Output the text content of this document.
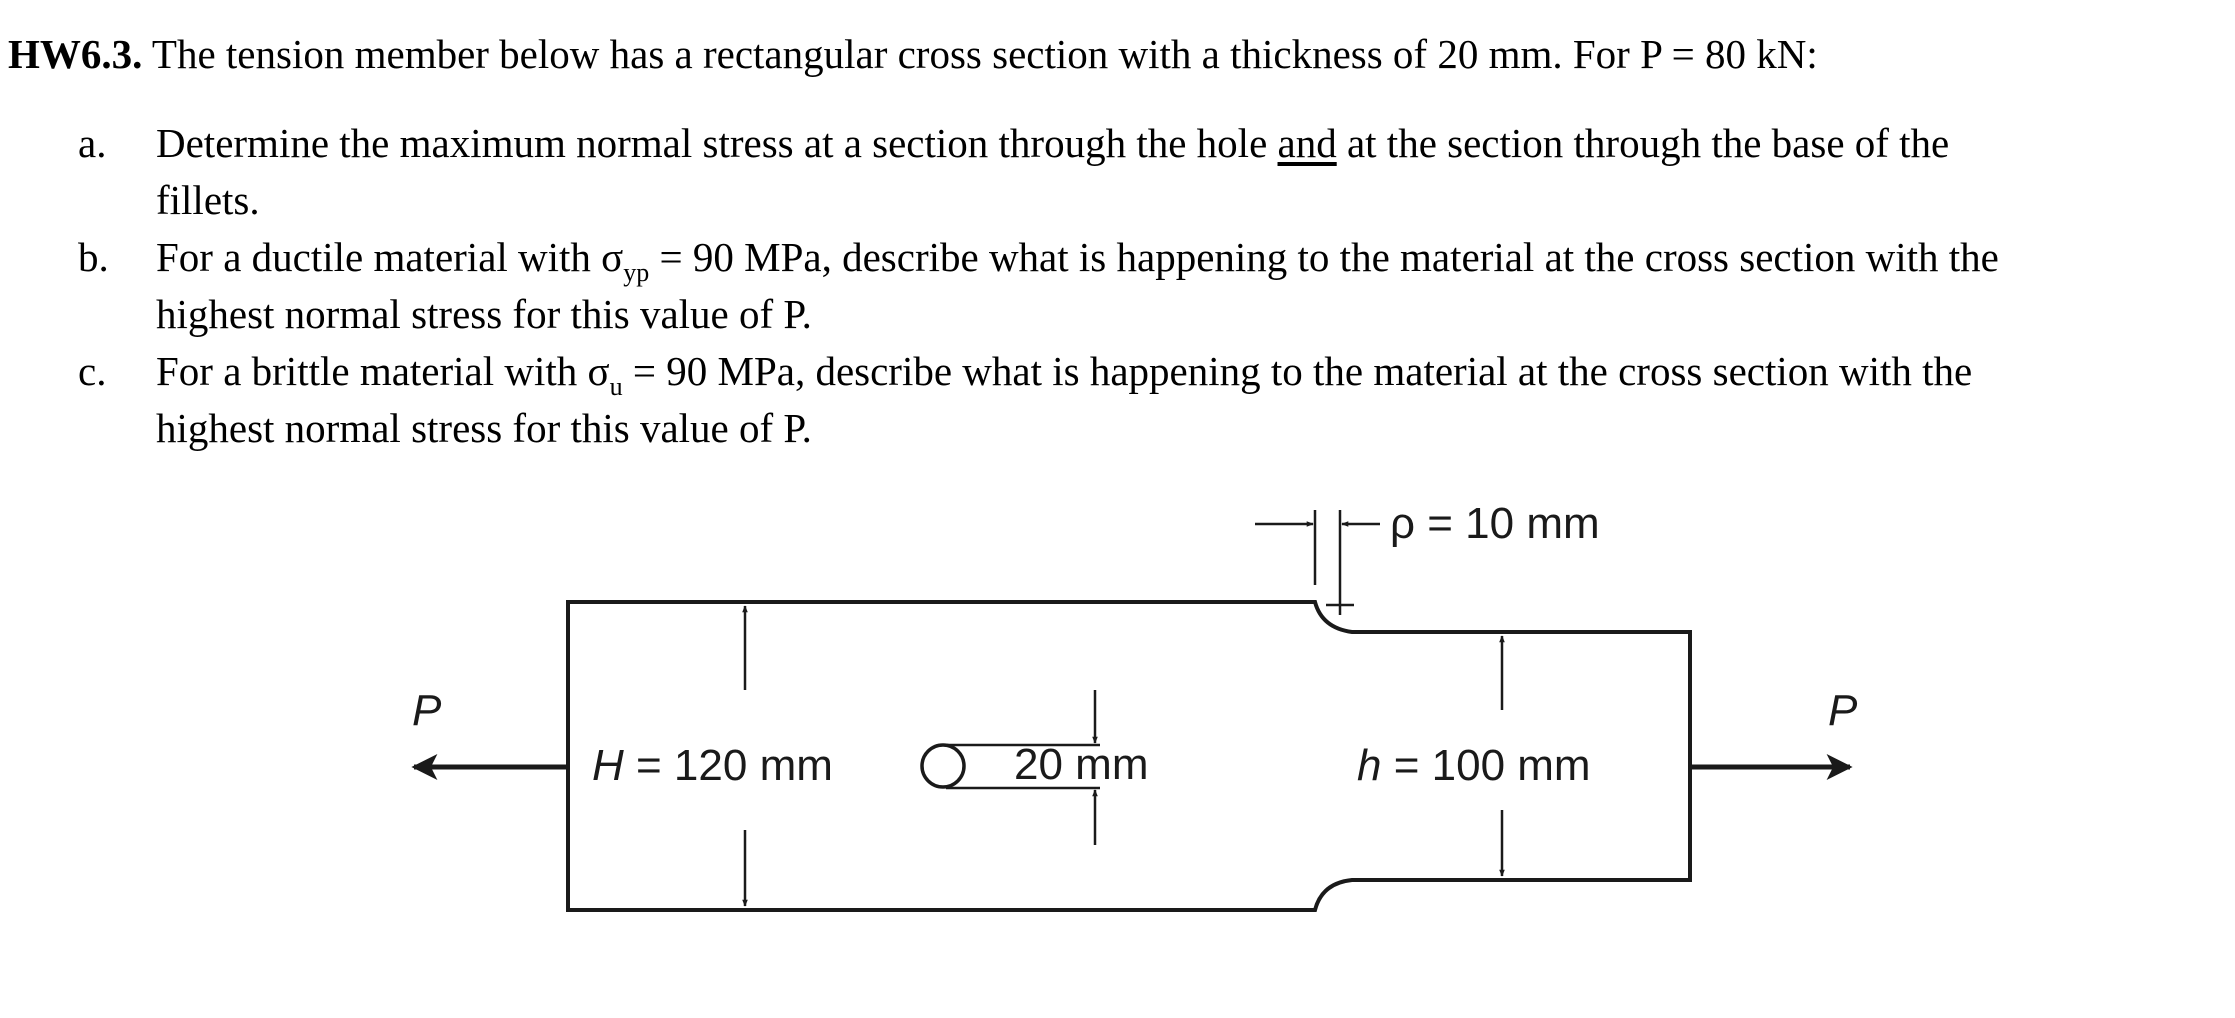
HW6.3. The tension member below has a rectangular cross section with a thickness of 20 mm. For P = 80 kN:
a. Determine the maximum normal stress at a section through the hole and at the section through the base of the
fillets.
b. For a ductile material with $\sigma_{yp} = 90$ MPa, describe what is happening to the material at the cross section with the
highest normal stress for this value of P.
c. For a brittle material with $\sigma_u = 90$ MPa, describe what is happening to the material at the cross section with the
highest normal stress for this value of P.
P	P
H = 120 mm	20 mm	h = 100 mm
ρ = 10 mm
